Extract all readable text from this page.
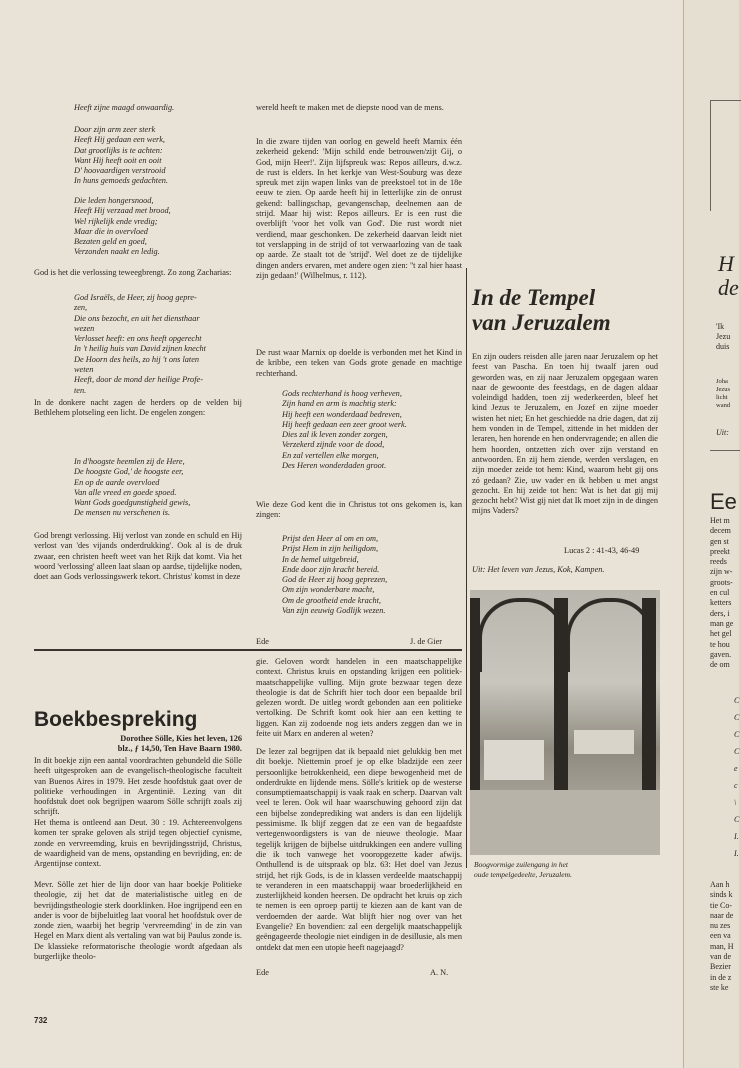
Heeft zijne maagd onwaardig.

Door zijn arm zeer sterk
Heeft Hij gedaan een werk,
Dat grootlijks is te achten:
Want Hij heeft ooit en ooit
D' hoovaardigen verstrooid
In huns gemoeds gedachten.
Die leden hongersnood,
Heeft Hij verzaad met brood,
Wel rijkelijk ende vredig;
Maar die in overvloed
Bezaten geld en goed,
Verzonden naakt en ledig.

God is het die verlossing teweegbrengt. Zo zong Zacharias:

God Israëls, de Heer, zij hoog gepre-
zen,
Die ons bezocht, en uit het diensthaar
wezen
Verlosset heeft: en ons heeft opgerecht
In 't heilig huis van David zijnen knecht
De Hoorn des heils, zo hij 't ons laten
weten
Heeft, door de mond der heilige Profe-
ten.

In de donkere nacht zagen de herders op de velden bij Bethlehem plotseling een licht. De engelen zongen:

In d'hoogste heemlen zij de Here,
De hoogste God,' de hoogste eer,
En op de aarde overvloed
Van alle vreed en goede spoed.
Want Gods goedgunstigheid gewis,
De mensen nu verschenen is.

God brengt verlossing. Hij verlost van zonde en schuld en Hij verlost van 'des vijands onderdrukking'. Ook al is de druk zwaar, een christen heeft weet van het Rijk dat komt. Via het woord 'verlossing' alleen laat slaan op aardse, tijdelijke noden, doet aan Gods verlossingswerk tekort. Christus' komst in deze

wereld heeft te maken met de diepste nood van de mens.

In die zware tijden van oorlog en geweld heeft Marnix één zekerheid gekend: 'Mijn schild ende betrouwen/zijt Gij, o God, mijn Heer!'. Zijn lijfspreuk was: Repos ailleurs, d.w.z. de rust is elders. In het kerkje van West-Souburg was deze spreuk met zijn wapen links van de preekstoel tot in de 18e eeuw te zien. Op aarde heeft hij in letterlijke zin de onrust gekend: ballingschap, gevangenschap, deelnemen aan de strijd. Maar hij wist: Repos ailleurs. Er is een rust die overblijft 'voor het volk van God'. Die rust wordt niet verdiend, maar geschonken. De zekerheid daarvan leidt niet tot verslapping in de strijd of tot verwaarlozing van de taak op aarde. Ze staalt tot de 'strijd'. Wel doet ze de tijdelijke dingen anders ervaren, met andere ogen zien: ''t zal hier haast zijn gedaan!' (Wilhelmus, r. 112).

De rust waar Marnix op doelde is verbonden met het Kind in de kribbe, een teken van Gods grote genade en machtige rechterhand.

Gods rechterhand is hoog verheven,
Zijn hand en arm is machtig sterk:
Hij heeft een wonderdaad bedreven,
Hij heeft gedaan een zeer groot werk.
Dies zal ik leven zonder zorgen,
Verzekerd zijnde voor de dood,
En zal vertellen elke morgen,
Des Heren wonderdaden groot.

Wie deze God kent die in Christus tot ons gekomen is, kan zingen:

Prijst den Heer al om en om,
Prijst Hem in zijn heiligdom,
In de hemel uitgebreid,
Ende door zijn kracht bereid.
God de Heer zij hoog geprezen,
Om zijn wonderbare macht,
Om de grootheid ende kracht,
Van zijn eeuwig Godlijk wezen.
Ede	J. de Gier
In de Tempel
van Jeruzalem

En zijn ouders reisden alle jaren naar Jeruzalem op het feest van Pascha. En toen hij twaalf jaren oud geworden was, en zij naar Jeruzalem opgegaan waren naar de gewoonte des feestdags, en de dagen aldaar voleindigd hadden, toen zij wederkeerden, bleef het kind Jezus te Jeruzalem, en Jozef en zijne moeder wisten het niet; En het geschiedde na drie dagen, dat zij hem vonden in de Tempel, zittende in het midden der leraren, hen horende en hen ondervragende; en allen die hem hoorden, ontzetten zich over zijn verstand en antwoorden. En zij hem ziende, werden verslagen, en zijn moeder zeide tot hem: Kind, waarom hebt gij ons zó gedaan? Zie, uw vader en ik hebben u met angst gezocht. En hij zeide tot hen: Wat is het dat gij mij gezocht hebt? Wist gij niet dat Ik moet zijn in de dingen mijns Vaders?

Lucas 2 : 41-43, 46-49

Uit: Het leven van Jezus, Kok, Kampen.

Boogvormige zuilengang in het
oude tempelgedeelte, Jeruzalem.

Boekbespreking
Dorothee Sölle, Kies het leven, 126
blz., ƒ 14,50, Ten Have Baarn 1980.

In dit boekje zijn een aantal voordrachten gebundeld die Sölle heeft uitgesproken aan de evangelisch-theologische faculteit van Buenos Aires in 1979. Het zesde hoofdstuk gaat over de politieke verhoudingen in Argentinië. Lezing van dit hoofdstuk doet ook begrijpen waarom Sölle schrijft zoals zij schrijft.

Het thema is ontleend aan Deut. 30 : 19. Achtereenvolgens komen ter sprake geloven als strijd tegen objectief cynisme, zonde en vervreemding, kruis en bevrijdingsstrijd, Christus, de waardigheid van de mens, opstanding en bevrijding, en: de Argentijnse context.

Mevr. Sölle zet hier de lijn door van haar boekje Politieke theologie, zij het dat de materialistische uitleg en de bevrijdingstheologie sterk doorklinken. Hoe ingrijpend een en ander is voor de bijbeluitleg laat vooral het hoofdstuk over de zonde zien, waarbij het begrip 'vervreemding' in de zin van Hegel en Marx dient als vertaling van wat bij Paulus zonde is. De klassieke reformatorische theologie wordt afgedaan als burgerlijke theolo-

gie. Geloven wordt handelen in een maatschappelijke context. Christus kruis en opstanding krijgen een politiek-maatschappelijke vulling. Mijn grote bezwaar tegen deze theologie is dat de Schrift hier toch door een bepaalde bril gelezen wordt. De uitleg wordt gebonden aan een politieke vertolking. De Schrift komt ook hier aan een ketting te liggen. Kan zij zodoende nog iets anders zeggen dan we in feite uit Marx en anderen al weten?

De lezer zal begrijpen dat ik bepaald niet gelukkig ben met dit boekje. Niettemin proef je op elke bladzijde een zeer persoonlijke betrokkenheid, een diepe bewogenheid met de onderdrukte en lijdende mens. Sölle's kritiek op de westerse consumptiemaatschappij is vaak raak en scherp. Daarvan valt veel te leren. Ook wil haar waarschuwing gehoord zijn dat een bijbelse zondeprediking wat anders is dan een lijdelijk pessimisme. Ik blijf zeggen dat ze een van de begaafdste vertegenwoordigsters is van de nieuwe theologie. Maar tegelijk krijgen de bijbelse uitdrukkingen een andere vulling die ik toch vanwege het vooropgezette kader afwijs. Onthullend is de uitspraak op blz. 63: Het doel van Jezus strijd, het rijk Gods, is de in klassen verdeelde maatschappij te veranderen in een maatschappij waar broederlijkheid en zusterlijkheid konden heersen. De opdracht het kruis op zich te nemen is een oproep partij te kiezen aan de kant van de verdoemden der aarde. Wat blijft hier nog over van het Evangelie? En bovendien: zal een dergelijk maatschappelijk geëngageerde theologie niet eindigen in de desillusie, als men ontdekt dat men een utopie heeft nagejaagd?

Ede	A. N.
732
H
de
'Ik
Jezu
duis
Joha
Jezus
licht
wand
Uit:
Ee
Het m
decem
gen st
preekt
reeds
zijn w-
groots-
en cul
ketters
ders, i
man ge
het gel
te hou
gaven.
de om
C
C
C
C
e
c
\
C
I.
I.
Aan h
sinds k
tie Co-
naar de
nu zes
een va
man, H
van de
Bezier
in de z
ste ke
